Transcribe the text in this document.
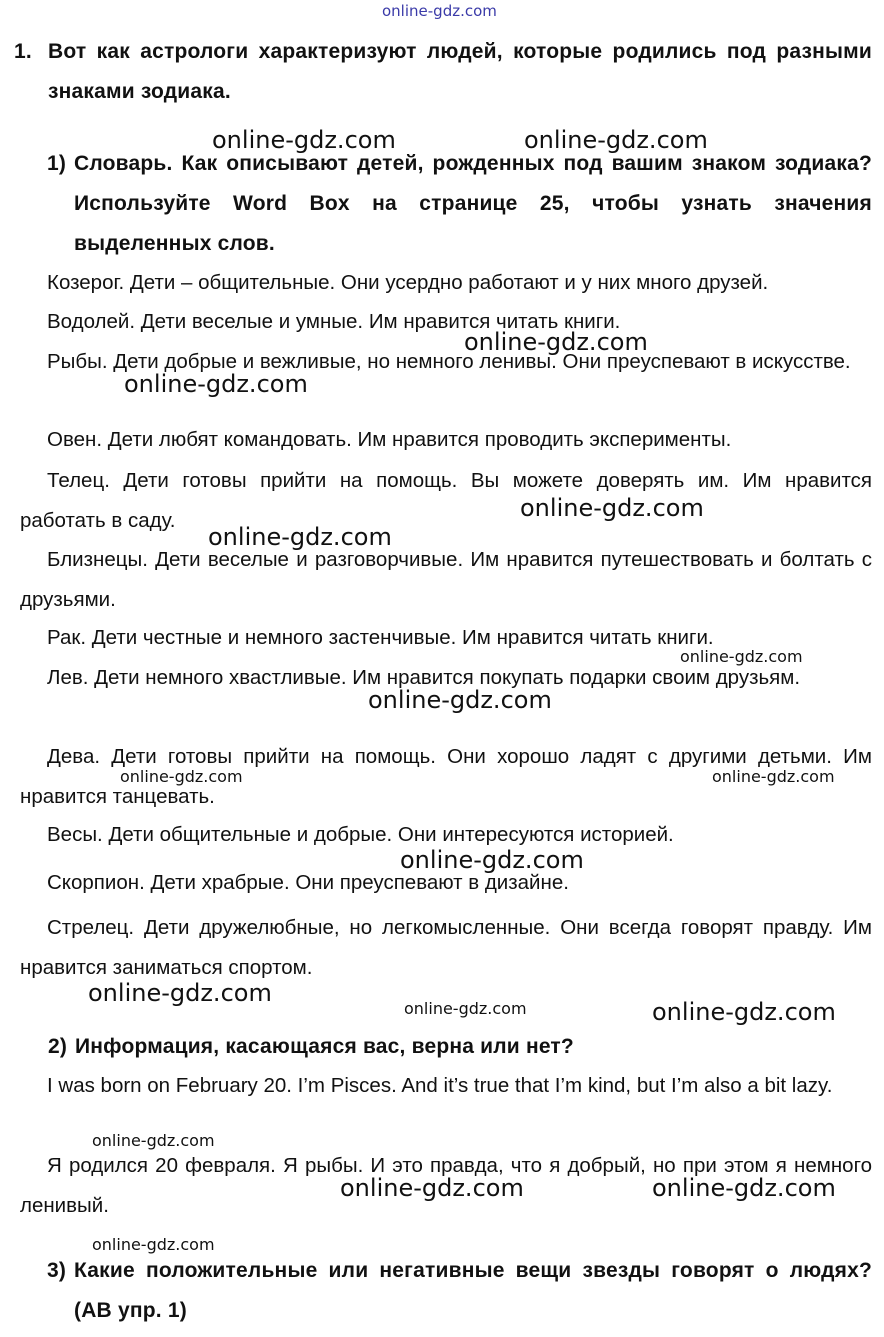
online-gdz.com
1. Вот как астрологи характеризуют людей, которые родились под разными знаками зодиака.
1) Словарь. Как описывают детей, рожденных под вашим знаком зодиака? Используйте Word Box на странице 25, чтобы узнать значения выделенных слов.
Козерог. Дети – общительные. Они усердно работают и у них много друзей.
Водолей. Дети веселые и умные. Им нравится читать книги.
Рыбы. Дети добрые и вежливые, но немного ленивы. Они преуспевают в искусстве.
Овен. Дети любят командовать. Им нравится проводить эксперименты.
Телец. Дети готовы прийти на помощь. Вы можете доверять им. Им нравится работать в саду.
Близнецы. Дети веселые и разговорчивые. Им нравится путешествовать и болтать с друзьями.
Рак. Дети честные и немного застенчивые. Им нравится читать книги.
Лев. Дети немного хвастливые. Им нравится покупать подарки своим друзьям.
Дева. Дети готовы прийти на помощь. Они хорошо ладят с другими детьми. Им нравится танцевать.
Весы. Дети общительные и добрые. Они интересуются историей.
Скорпион. Дети храбрые. Они преуспевают в дизайне.
Стрелец. Дети дружелюбные, но легкомысленные. Они всегда говорят правду. Им нравится заниматься спортом.
2) Информация, касающаяся вас, верна или нет?
I was born on February 20. I’m Pisces. And it’s true that I’m kind, but I’m also a bit lazy.
Я родился 20 февраля. Я рыбы. И это правда, что я добрый, но при этом я немного ленивый.
3) Какие положительные или негативные вещи звезды говорят о людях? (АВ упр. 1)
online-gdz.com	online-gdz.com
online-gdz.com
online-gdz.com
online-gdz.com
online-gdz.com
online-gdz.com
online-gdz.com
online-gdz.com	online-gdz.com
online-gdz.com
online-gdz.com
online-gdz.com	online-gdz.com
online-gdz.com
online-gdz.com	online-gdz.com
online-gdz.com
